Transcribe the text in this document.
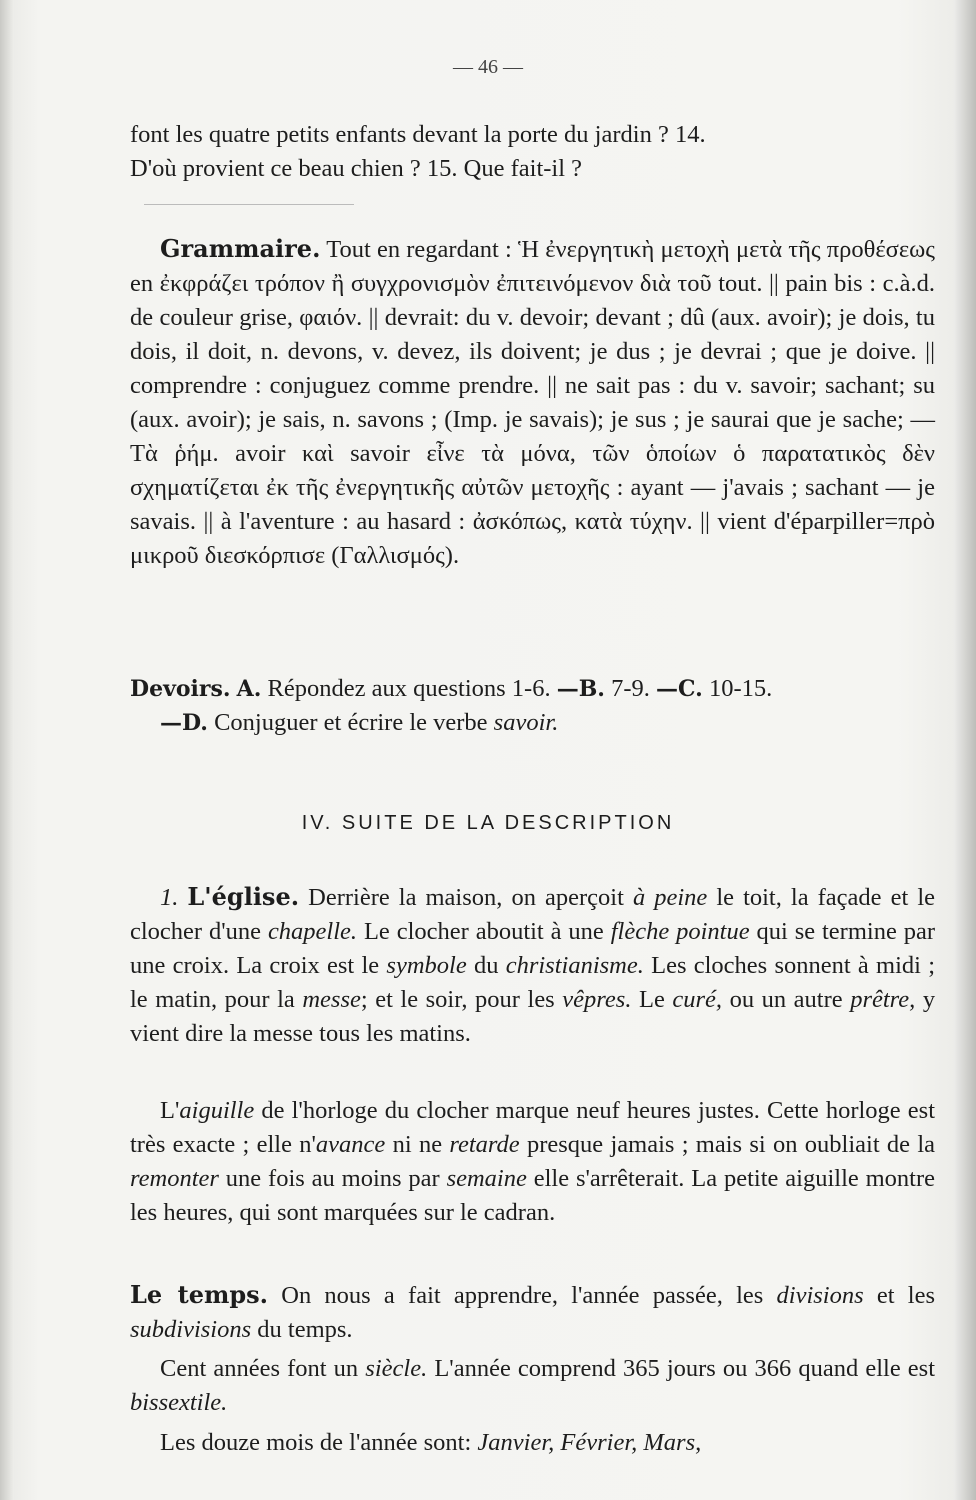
— 46 —

font les quatre petits enfants devant la porte du jardin ? 14.

D'où provient ce beau chien ? 15. Que fait-il ?

Grammaire. Tout en regardant : Ἡ ἐνεργητικὴ μετοχὴ μετὰ τῆς προθέσεως en ἐκφράζει τρόπον ἢ συγχρονισμὸν ἐπιτεινόμενον διὰ τοῦ tout. || pain bis : c.à.d. de couleur grise, φαιόν. || devrait: du v. devoir; devant ; dû (aux. avoir); je dois, tu dois, il doit, n. devons, v. devez, ils doivent; je dus ; je devrai ; que je doive. || comprendre : conjuguez comme prendre. || ne sait pas : du v. savoir; sachant; su (aux. avoir); je sais, n. savons ; (Imp. je savais); je sus ; je saurai que je sache; — Τὰ ῥήμ. avoir καὶ savoir εἶνε τὰ μόνα, τῶν ὁποίων ὁ παρατατικὸς δὲν σχηματίζεται ἐκ τῆς ἐνεργητικῆς αὐτῶν μετοχῆς : ayant — j'avais ; sachant — je savais. || à l'aventure : au hasard : ἀσκόπως, κατὰ τύχην. || vient d'éparpiller=πρὸ μικροῦ διεσκόρπισε (Γαλλισμός).

Devoirs. A. Répondez aux questions 1-6. —B. 7-9. —C. 10-15.

—D. Conjuguer et écrire le verbe savoir.

IV. SUITE DE LA DESCRIPTION

1. L'église. Derrière la maison, on aperçoit à peine le toit, la façade et le clocher d'une chapelle. Le clocher aboutit à une flèche pointue qui se termine par une croix. La croix est le symbole du christianisme. Les cloches sonnent à midi ; le matin, pour la messe; et le soir, pour les vêpres. Le curé, ou un autre prêtre, y vient dire la messe tous les matins.

L'aiguille de l'horloge du clocher marque neuf heures justes. Cette horloge est très exacte ; elle n'avance ni ne retarde presque jamais ; mais si on oubliait de la remonter une fois au moins par semaine elle s'arrêterait. La petite aiguille montre les heures, qui sont marquées sur le cadran.

Le temps. On nous a fait apprendre, l'année passée, les divisions et les subdivisions du temps.

Cent années font un siècle. L'année comprend 365 jours ou 366 quand elle est bissextile.

Les douze mois de l'année sont: Janvier, Février, Mars,
